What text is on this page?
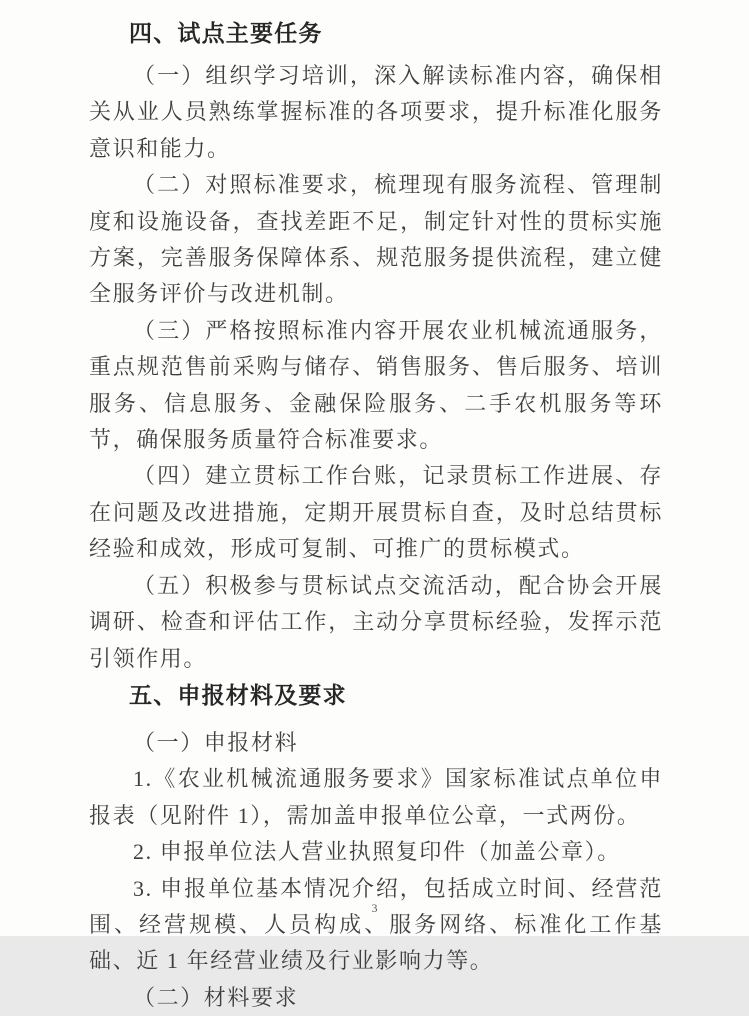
四、试点主要任务

（一）组织学习培训，深入解读标准内容，确保相关从业人员熟练掌握标准的各项要求，提升标准化服务意识和能力。

（二）对照标准要求，梳理现有服务流程、管理制度和设施设备，查找差距不足，制定针对性的贯标实施方案，完善服务保障体系、规范服务提供流程，建立健全服务评价与改进机制。

（三）严格按照标准内容开展农业机械流通服务，重点规范售前采购与储存、销售服务、售后服务、培训服务、信息服务、金融保险服务、二手农机服务等环节，确保服务质量符合标准要求。

（四）建立贯标工作台账，记录贯标工作进展、存在问题及改进措施，定期开展贯标自查，及时总结贯标经验和成效，形成可复制、可推广的贯标模式。

（五）积极参与贯标试点交流活动，配合协会开展调研、检查和评估工作，主动分享贯标经验，发挥示范引领作用。

五、申报材料及要求

（一）申报材料

1.《农业机械流通服务要求》国家标准试点单位申报表（见附件 1），需加盖申报单位公章，一式两份。

2. 申报单位法人营业执照复印件（加盖公章）。

3. 申报单位基本情况介绍，包括成立时间、经营范围、经营规模、人员构成、服务网络、标准化工作基础、近 1 年经营业绩及行业影响力等。

（二）材料要求

3
